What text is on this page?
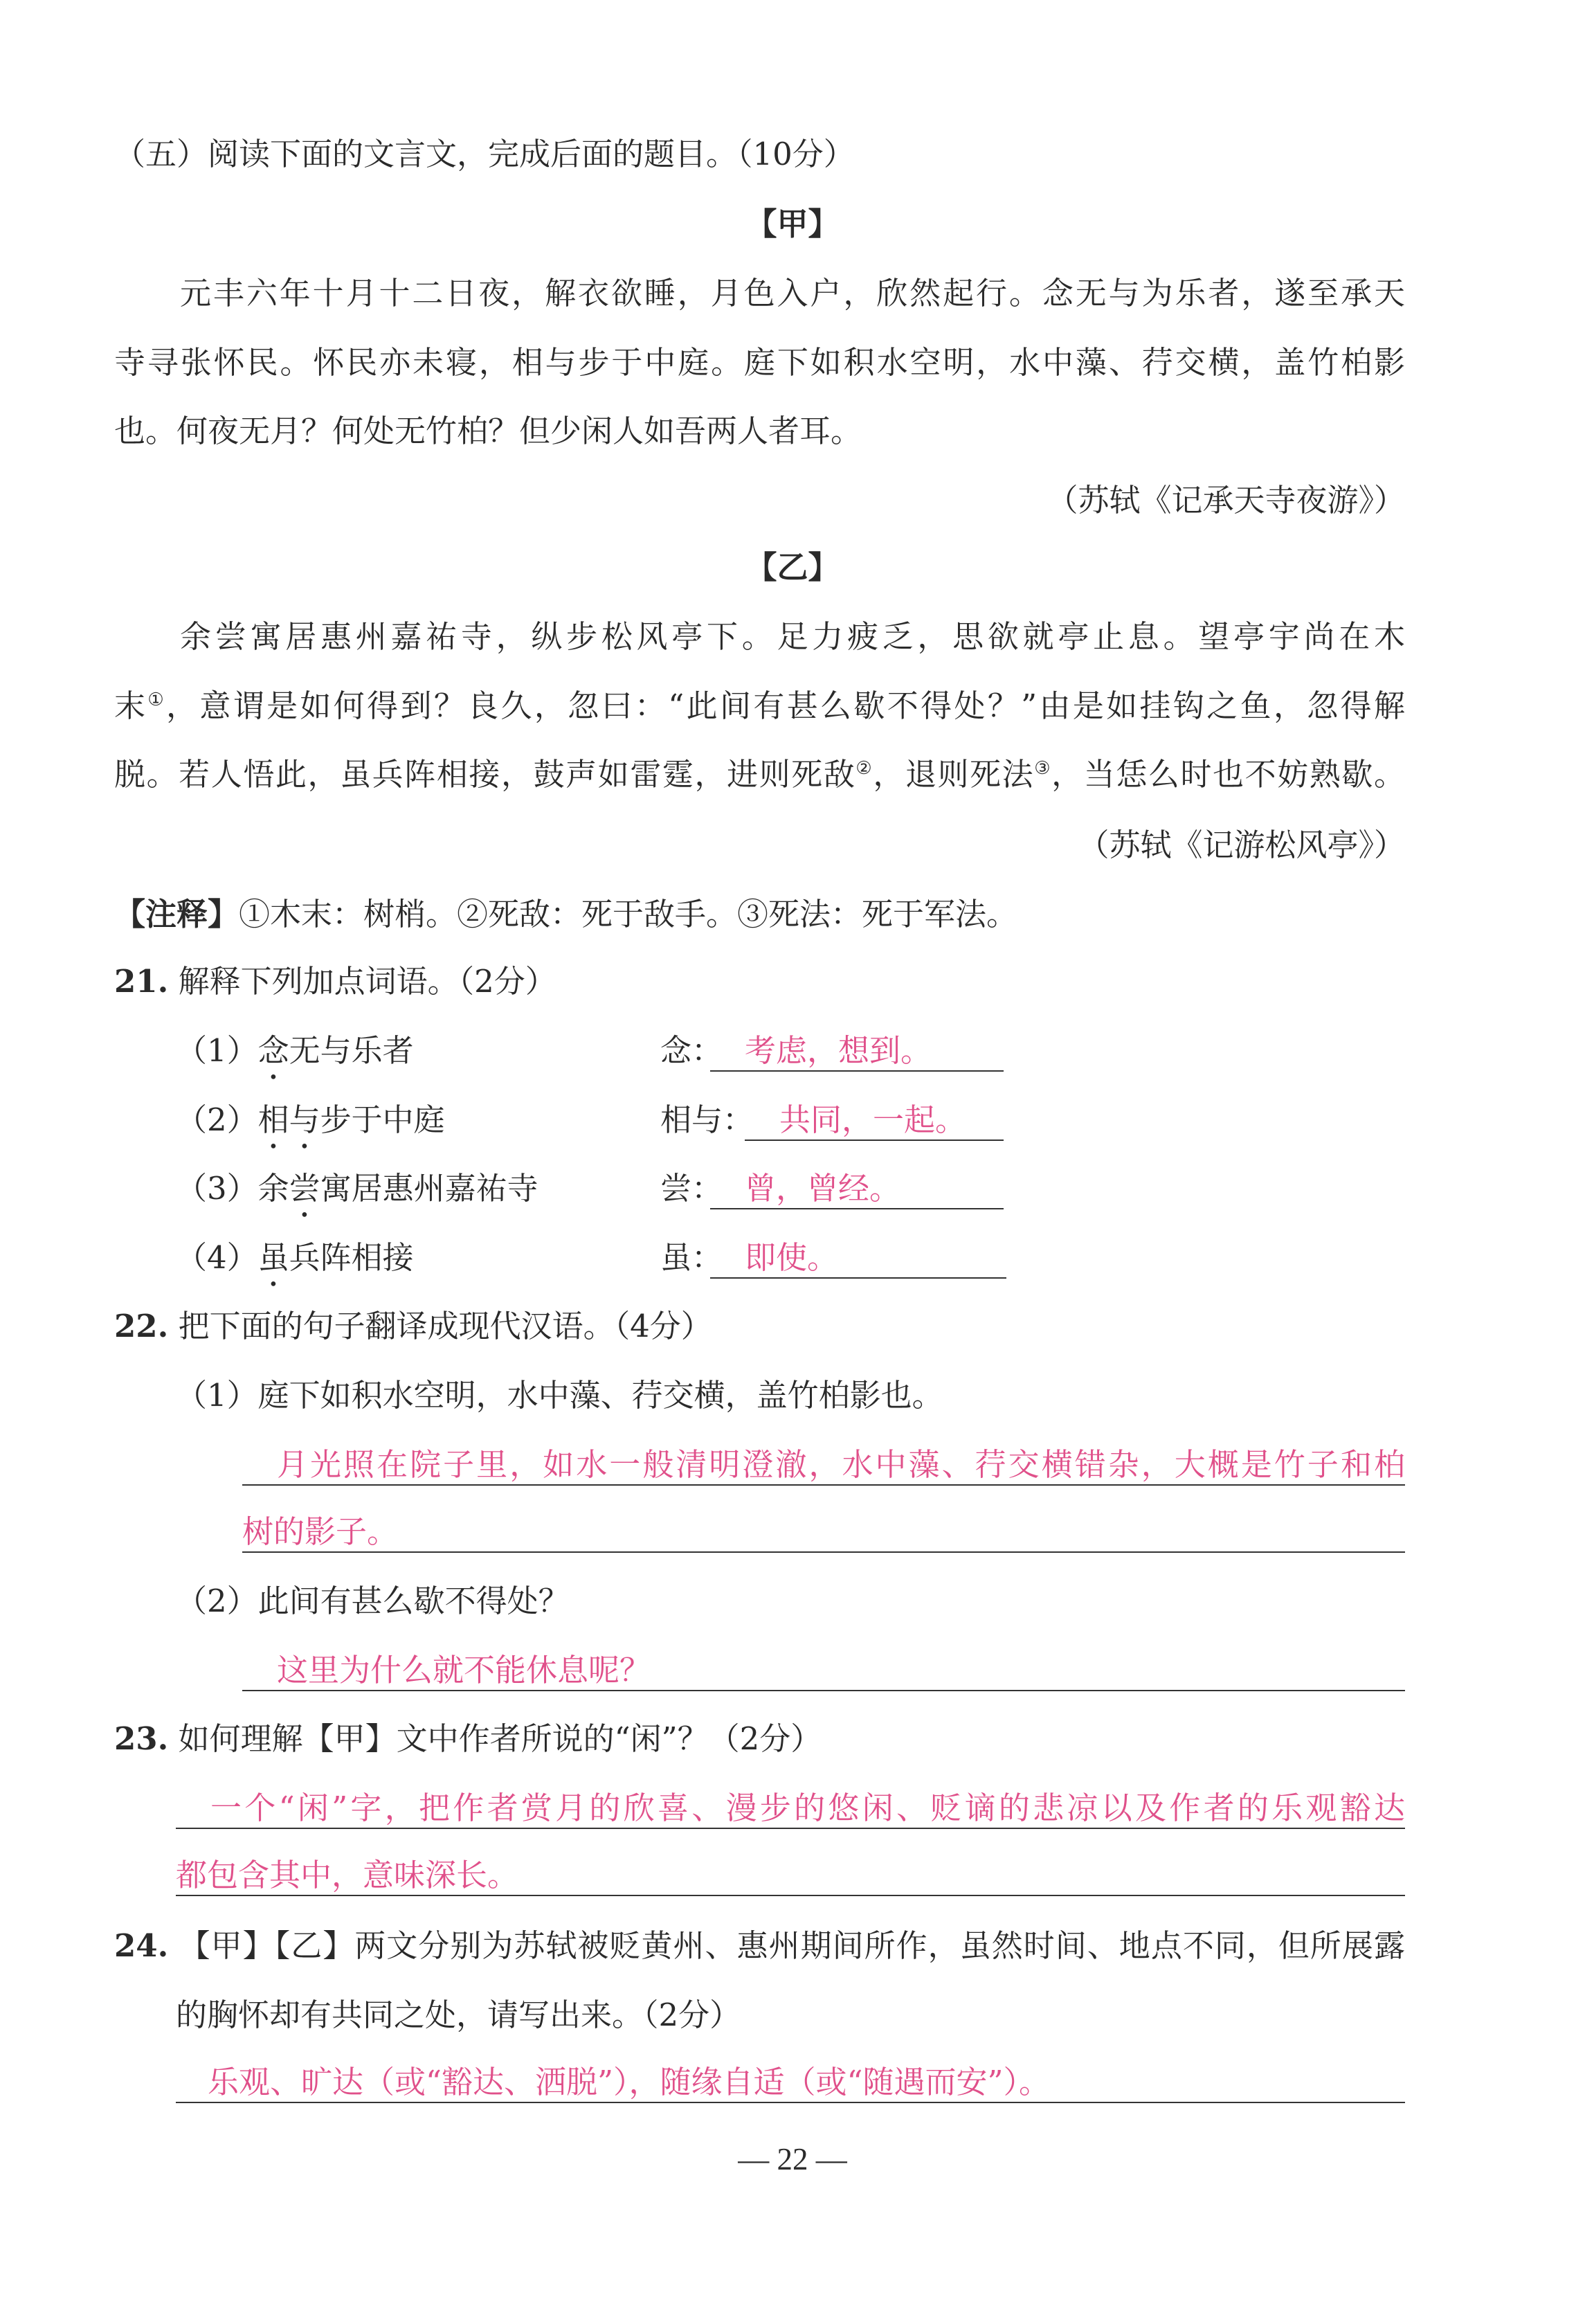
（五）阅读下面的文言文，完成后面的题目。（10分）
【甲】
元丰六年十月十二日夜，解衣欲睡，月色入户，欣然起行。念无与为乐者，遂至承天
寺寻张怀民。怀民亦未寝，相与步于中庭。庭下如积水空明，水中藻、荇交横，盖竹柏影
也。何夜无月？何处无竹柏？但少闲人如吾两人者耳。
（苏轼《记承天寺夜游》）
【乙】
余尝寓居惠州嘉祐寺，纵步松风亭下。足力疲乏，思欲就亭止息。望亭宇尚在木
末①，意谓是如何得到？良久，忽曰：“此间有甚么歇不得处？”由是如挂钩之鱼，忽得解
脱。若人悟此，虽兵阵相接，鼓声如雷霆，进则死敌②，退则死法③，当恁么时也不妨熟歇。
（苏轼《记游松风亭》）
【注释】①木末：树梢。②死敌：死于敌手。③死法：死于军法。
21. 解释下列加点词语。（2分）
（1）念无与乐者	念： 考虑，想到。
（2）相与步于中庭	相与： 共同，一起。
（3）余尝寓居惠州嘉祐寺	尝： 曾，曾经。
（4）虽兵阵相接	虽： 即使。
22. 把下面的句子翻译成现代汉语。（4分）
（1）庭下如积水空明，水中藻、荇交横，盖竹柏影也。
月光照在院子里，如水一般清明澄澈，水中藻、荇交横错杂，大概是竹子和柏
树的影子。
（2）此间有甚么歇不得处？
这里为什么就不能休息呢？
23. 如何理解【甲】文中作者所说的“闲”？（2分）
一个“闲”字，把作者赏月的欣喜、漫步的悠闲、贬谪的悲凉以及作者的乐观豁达
都包含其中，意味深长。
24. 【甲】【乙】两文分别为苏轼被贬黄州、惠州期间所作，虽然时间、地点不同，但所展露
的胸怀却有共同之处，请写出来。（2分）
乐观、旷达（或“豁达、洒脱”），随缘自适（或“随遇而安”）。
— 22 —
